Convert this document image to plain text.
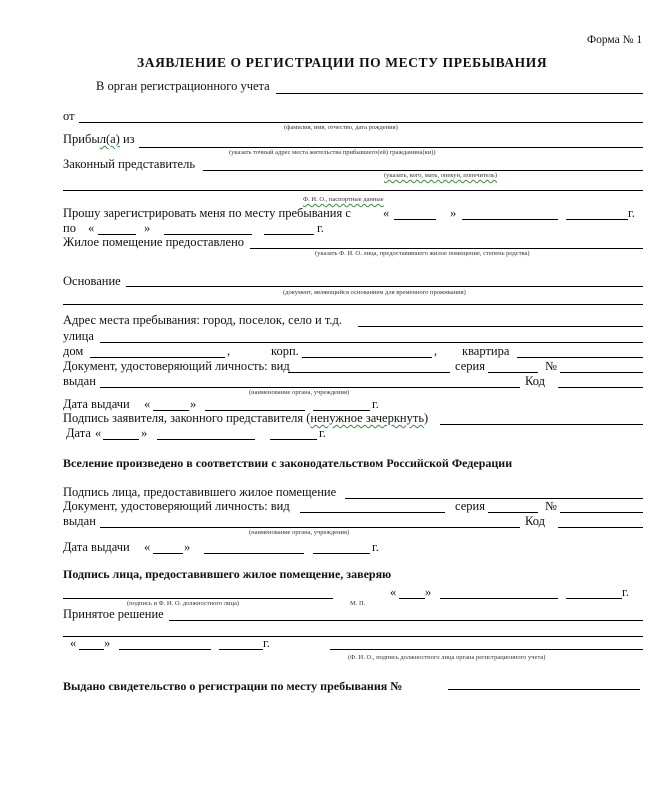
Форма № 1
ЗАЯВЛЕНИЕ О РЕГИСТРАЦИИ ПО МЕСТУ ПРЕБЫВАНИЯ
В орган регистрационного учета
от
(фамилия, имя, отчество, дата рождения)
Прибыл(а) из
(указать точный адрес места жительства прибывшего(ей) гражданина(ки))
Законный представитель
(указать, кого, мать, опекун, попечитель)
Ф. И. О., паспортные данные
Прошу зарегистрировать меня по месту пребывания с	«	»	г.
по «	»	г.
Жилое помещение предоставлено
(указать Ф. И. О. лица, предоставившего жилое помещение, степень родства)
Основание
(документ, являющийся основанием для временного проживания)
Адрес места пребывания: город, поселок, село и т.д.
улица
дом	,	корп.	, квартира
Документ, удостоверяющий личность: вид	серия	№
выдан	Код
(наименование органа, учреждения)
Дата выдачи «	»	г.
Подпись заявителя, законного представителя (ненужное зачеркнуть)
Дата «	»	г.
Вселение произведено в соответствии с законодательством Российской Федерации
Подпись лица, предоставившего жилое помещение
Документ, удостоверяющий личность: вид	серия	№
выдан	Код
(наименование органа, учреждения)
Дата выдачи «	»	г.
Подпись лица, предоставившего жилое помещение, заверяю
« »	г.
(подпись и Ф. И. О. должностного лица)	М. П.
Принятое решение
« »	г.
(Ф. И. О., подпись должностного лица органа регистрационного учета)
Выдано свидетельство о регистрации по месту пребывания №
